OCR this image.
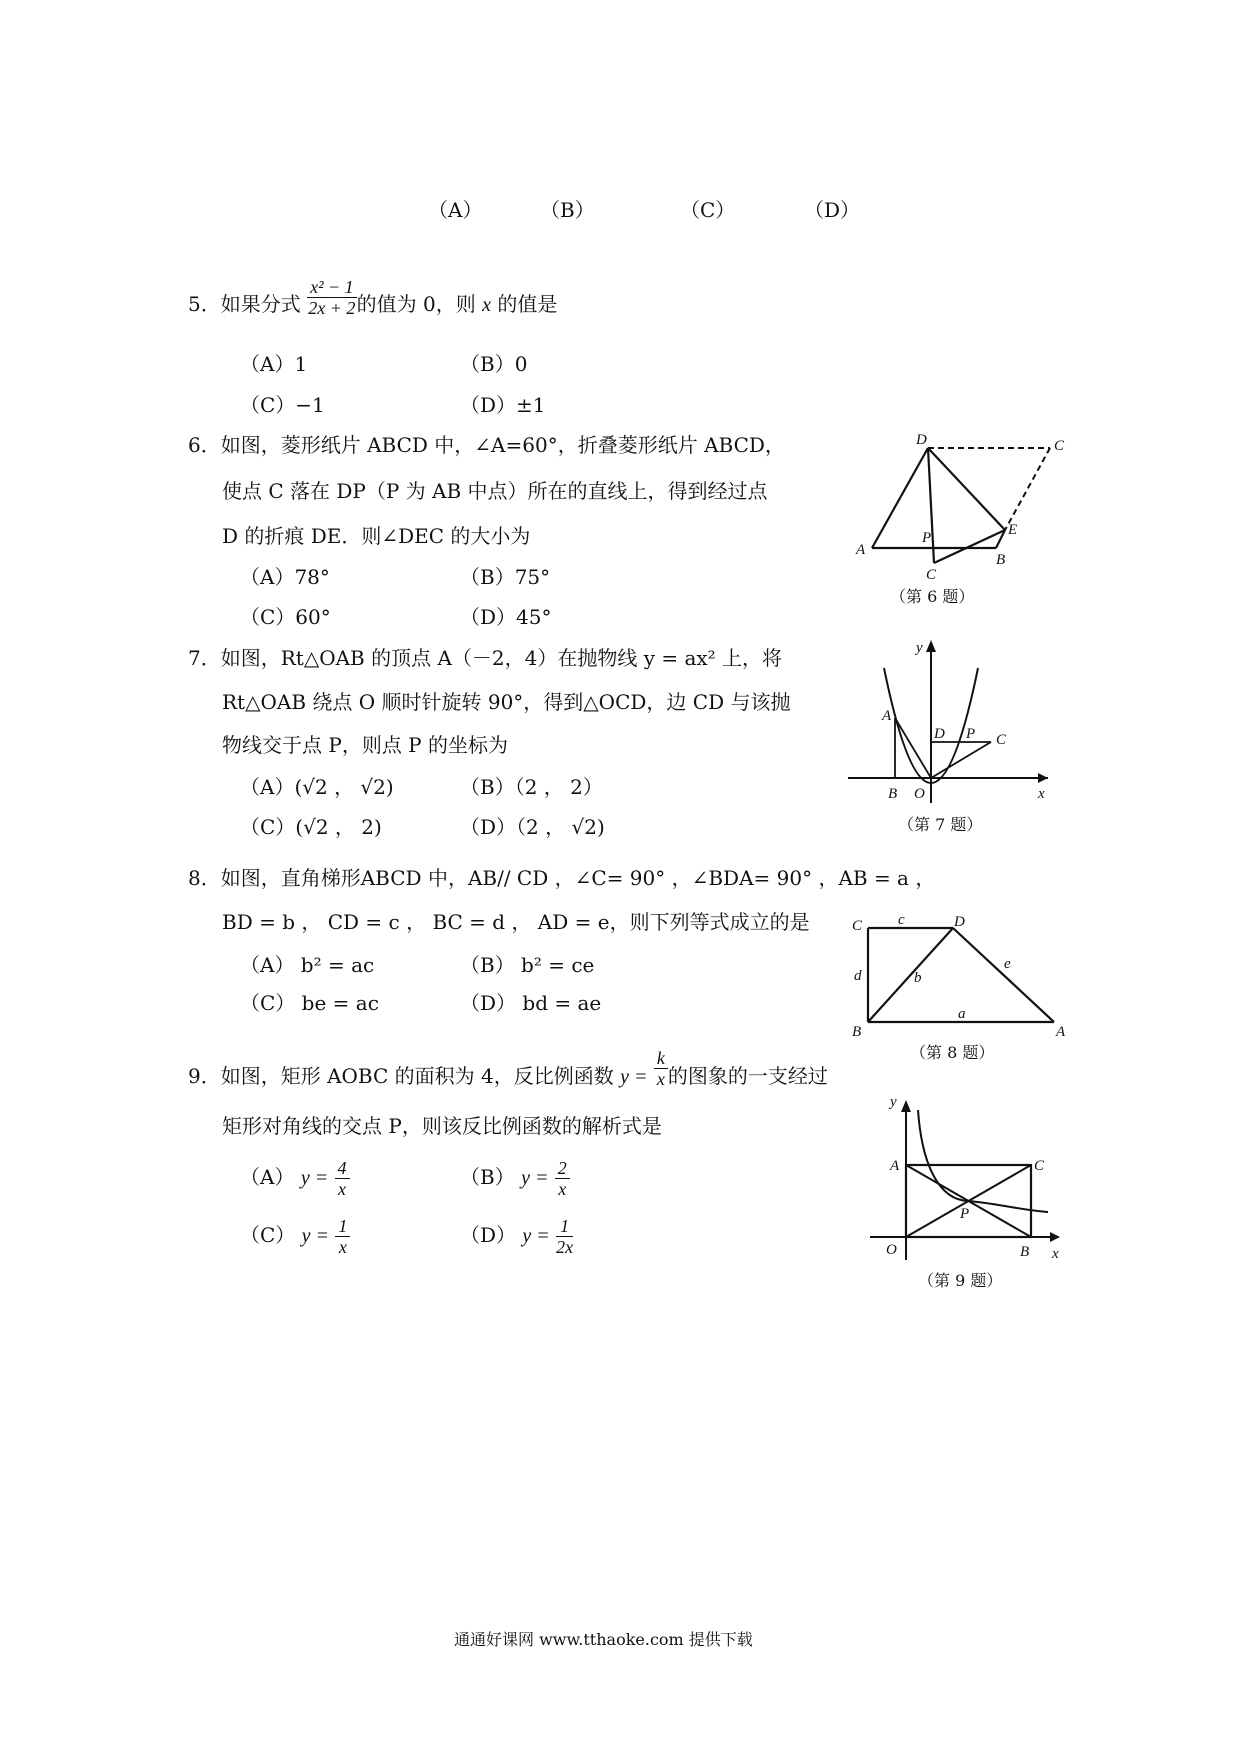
（A）	（B）	（C）	（D）
5．如果分式 $\frac{\text{x² − 1}}{2x + 2}$ 的值为 0，则 x 的值是
（A）1	（B）0
（C）−1	（D）±1
6．如图，菱形纸片 ABCD 中，∠A=60°，折叠菱形纸片 ABCD，
使点 C 落在 DP（P 为 AB 中点）所在的直线上，得到经过点
D 的折痕 DE．则∠DEC 的大小为
（A）78°	（B）75°
（C）60°	（D）45°
D	C
E
A
P
B
C
（第 6 题）
7．如图，Rt△OAB 的顶点 A（－2，4）在抛物线 y = ax² 上，将
Rt△OAB 绕点 O 顺时针旋转 90°，得到△OCD，边 CD 与该抛
物线交于点 P，则点 P 的坐标为
（A）(√2 ， √2)	（B）（2 ， 2）
（C）(√2 ， 2)	（D）（2 ， √2)
y
x
A
B O
D P C
（第 7 题）
8．如图，直角梯形ABCD 中，AB// CD ，∠C= 90° ，∠BDA= 90° ，AB = a ，
BD = b ， CD = c ， BC = d ， AD = e，则下列等式成立的是
（A） b² = ac	（B） b² = ce
（C） be = ac	（D） bd = ae
C c	D
d	b
e
B
a
A
（第 8 题）
9．如图，矩形 AOBC 的面积为 4，反比例函数 $y = \frac{k}{x}$ 的图象的一支经过
矩形对角线的交点 P，则该反比例函数的解析式是
（A） $y = \frac{4}{x}$	（B） $y = \frac{2}{x}$
（C） $y = \frac{1}{x}$	（D） $y = \frac{1}{2x}$
y
x
A	C
P
O	B
（第 9 题）
通通好课网 www.tthaoke.com 提供下载
